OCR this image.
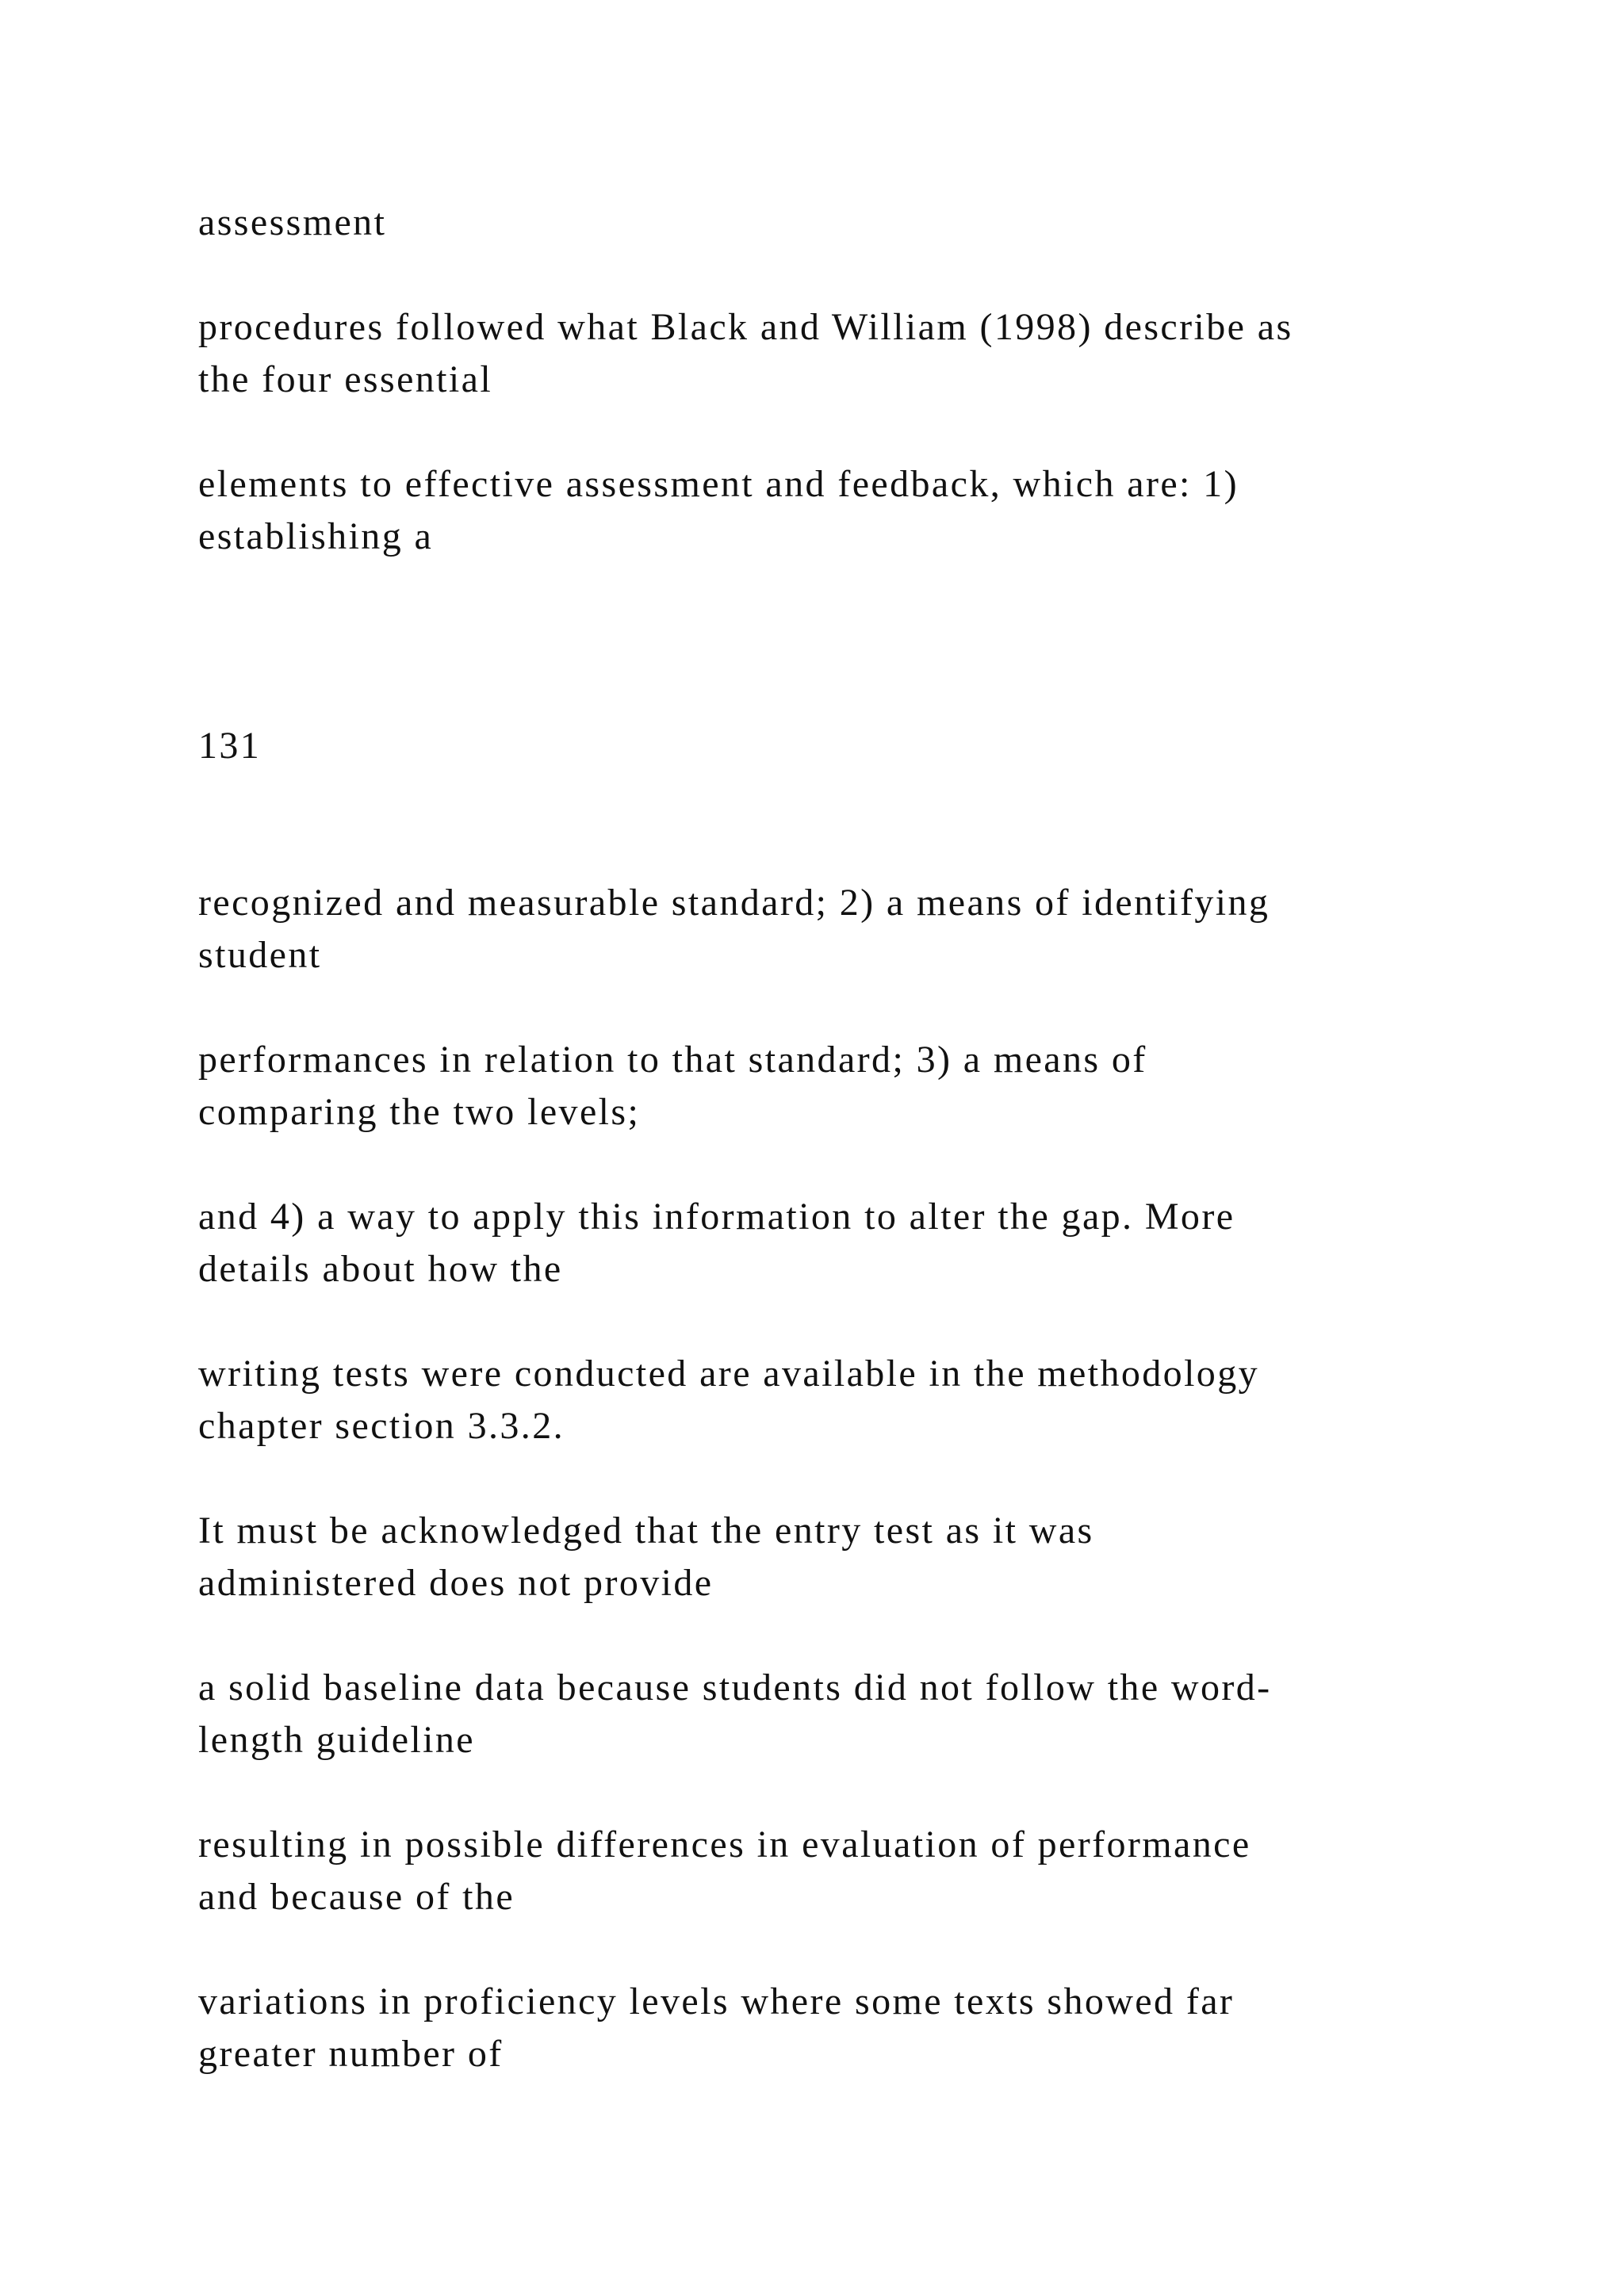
assessment

procedures followed what Black and William (1998) describe as

the four essential

elements to effective assessment and feedback, which are: 1)

establishing a

131

recognized and measurable standard; 2) a means of identifying

student

performances in relation to that standard; 3) a means of

comparing the two levels;

and 4) a way to apply this information to alter the gap. More

details about how the

writing tests were conducted are available in the methodology

chapter section 3.3.2.

It must be acknowledged that the entry test as it was

administered does not provide

a solid baseline data because students did not follow the word-

length guideline

resulting in possible differences in evaluation of performance

and because of the

variations in proficiency levels where some texts showed far

greater number of
